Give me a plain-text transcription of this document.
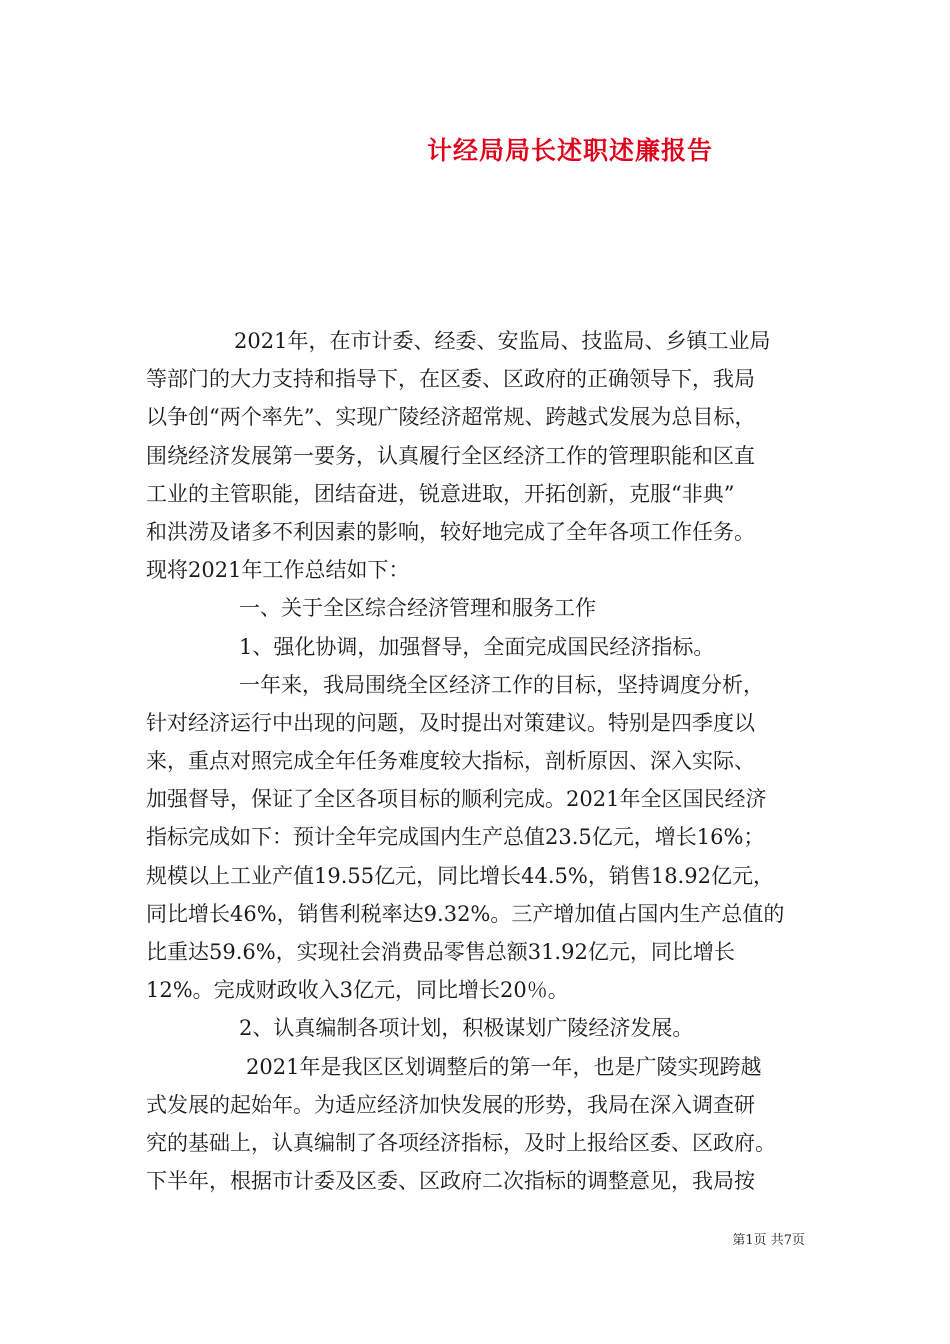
计经局局长述职述廉报告
2021年，在市计委、经委、安监局、技监局、乡镇工业局
等部门的大力支持和指导下，在区委、区政府的正确领导下，我局
以争创“两个率先”、实现广陵经济超常规、跨越式发展为总目标，
围绕经济发展第一要务，认真履行全区经济工作的管理职能和区直
工业的主管职能，团结奋进，锐意进取，开拓创新，克服“非典”
和洪涝及诸多不利因素的影响，较好地完成了全年各项工作任务。
现将2021年工作总结如下：
一、关于全区综合经济管理和服务工作
1、强化协调，加强督导，全面完成国民经济指标。
一年来，我局围绕全区经济工作的目标，坚持调度分析，
针对经济运行中出现的问题，及时提出对策建议。特别是四季度以
来，重点对照完成全年任务难度较大指标，剖析原因、深入实际、
加强督导，保证了全区各项目标的顺利完成。2021年全区国民经济
指标完成如下：预计全年完成国内生产总值23.5亿元，增长16%；
规模以上工业产值19.55亿元，同比增长44.5%，销售18.92亿元，
同比增长46%，销售利税率达9.32%。三产增加值占国内生产总值的
比重达59.6%，实现社会消费品零售总额31.92亿元，同比增长
12%。完成财政收入3亿元，同比增长20％。
2、认真编制各项计划，积极谋划广陵经济发展。
2021年是我区区划调整后的第一年，也是广陵实现跨越
式发展的起始年。为适应经济加快发展的形势，我局在深入调查研
究的基础上，认真编制了各项经济指标，及时上报给区委、区政府。
下半年，根据市计委及区委、区政府二次指标的调整意见，我局按
第1页 共7页
